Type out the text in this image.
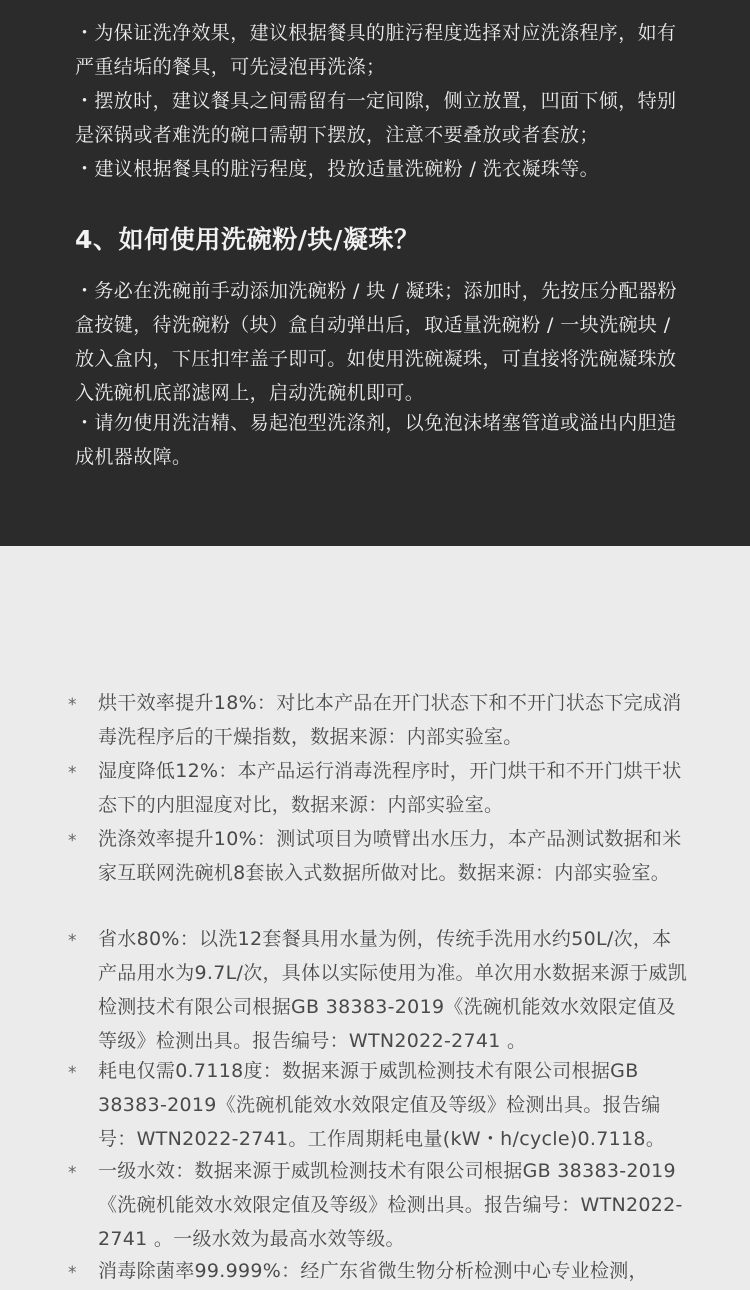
・为保证洗净效果，建议根据餐具的脏污程度选择对应洗涤程序，如有严重结垢的餐具，可先浸泡再洗涤；

・摆放时，建议餐具之间需留有一定间隙，侧立放置，凹面下倾，特别是深锅或者难洗的碗口需朝下摆放，注意不要叠放或者套放；

・建议根据餐具的脏污程度，投放适量洗碗粉 / 洗衣凝珠等。

4、如何使用洗碗粉/块/凝珠？

・务必在洗碗前手动添加洗碗粉 / 块 / 凝珠；添加时，先按压分配器粉盒按键，待洗碗粉（块）盒自动弹出后，取适量洗碗粉 / 一块洗碗块 / 放入盒内，下压扣牢盖子即可。如使用洗碗凝珠，可直接将洗碗凝珠放入洗碗机底部滤网上，启动洗碗机即可。

・请勿使用洗洁精、易起泡型洗涤剂，以免泡沫堵塞管道或溢出内胆造成机器故障。

*	烘干效率提升18%：对比本产品在开门状态下和不开门状态下完成消毒洗程序后的干燥指数，数据来源：内部实验室。
*	湿度降低12%：本产品运行消毒洗程序时，开门烘干和不开门烘干状态下的内胆湿度对比，数据来源：内部实验室。
*	洗涤效率提升10%：测试项目为喷臂出水压力，本产品测试数据和米家互联网洗碗机8套嵌入式数据所做对比。数据来源：内部实验室。
*	省水80%：以洗12套餐具用水量为例，传统手洗用水约50L/次，本产品用水为9.7L/次，具体以实际使用为准。单次用水数据来源于威凯检测技术有限公司根据GB 38383-2019《洗碗机能效水效限定值及等级》检测出具。报告编号：WTN2022-2741 。
*	耗电仅需0.7118度：数据来源于威凯检测技术有限公司根据GB 38383-2019《洗碗机能效水效限定值及等级》检测出具。报告编号：WTN2022-2741。工作周期耗电量(kW・h/cycle)0.7118。
*	一级水效：数据来源于威凯检测技术有限公司根据GB 38383-2019《洗碗机能效水效限定值及等级》检测出具。报告编号：WTN2022-2741 。一级水效为最高水效等级。
*	消毒除菌率99.999%：经广东省微生物分析检测中心专业检测，
